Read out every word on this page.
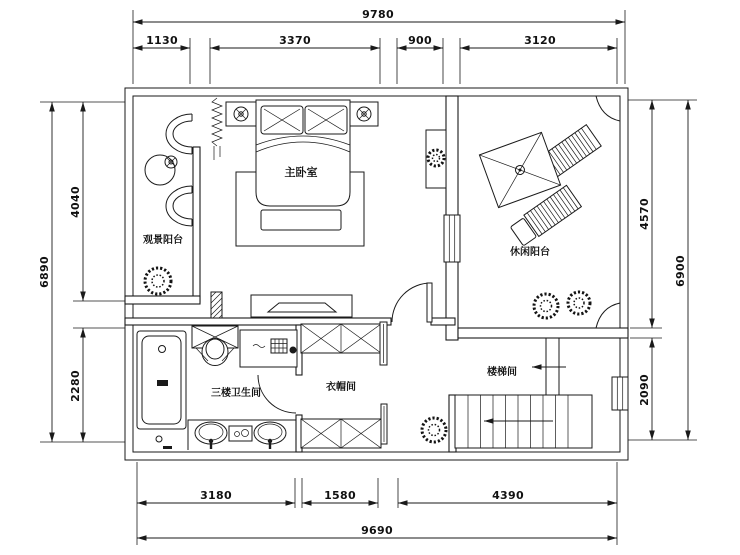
9780
1130	3370	900	3120
6890
4040
2280
4570
2090
6900
3180	1580	4390
9690
主卧室
观景阳台
休闲阳台
三楼卫生间
衣帽间
楼梯间
